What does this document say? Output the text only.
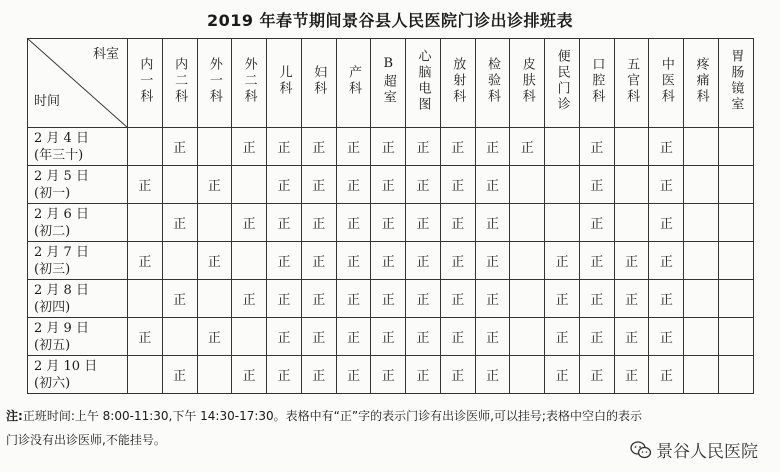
2019 年春节期间景谷县人民医院门诊出诊排班表
科室
时间	内一科	内二科	外一科	外二科	儿科	妇科	产科	B超室	心脑电图	放射科	检验科	皮肤科	便民门诊	口腔科	五官科	中医科	疼痛科	胃肠镜室

2 月 4 日
(年三十)		正		正	正	正	正	正	正	正	正	正		正		正		

2 月 5 日
(初一)	正		正		正	正	正	正	正	正	正			正		正		

2 月 6 日
(初二)		正		正	正	正	正	正	正	正	正			正		正		

2 月 7 日
(初三)	正		正		正	正	正	正	正	正	正		正	正	正	正		

2 月 8 日
(初四)		正		正	正	正	正	正	正	正	正		正	正	正	正		

2 月 9 日
(初五)	正		正		正	正	正	正	正	正	正		正	正	正	正		

2 月 10 日
(初六)		正		正	正	正	正	正	正	正	正		正	正	正	正		
注:正班时间:上午 8:00-11:30,下午 14:30-17:30。表格中有“正”字的表示门诊有出诊医师,可以挂号;表格中空白的表示
门诊没有出诊医师,不能挂号。
景谷人民医院
